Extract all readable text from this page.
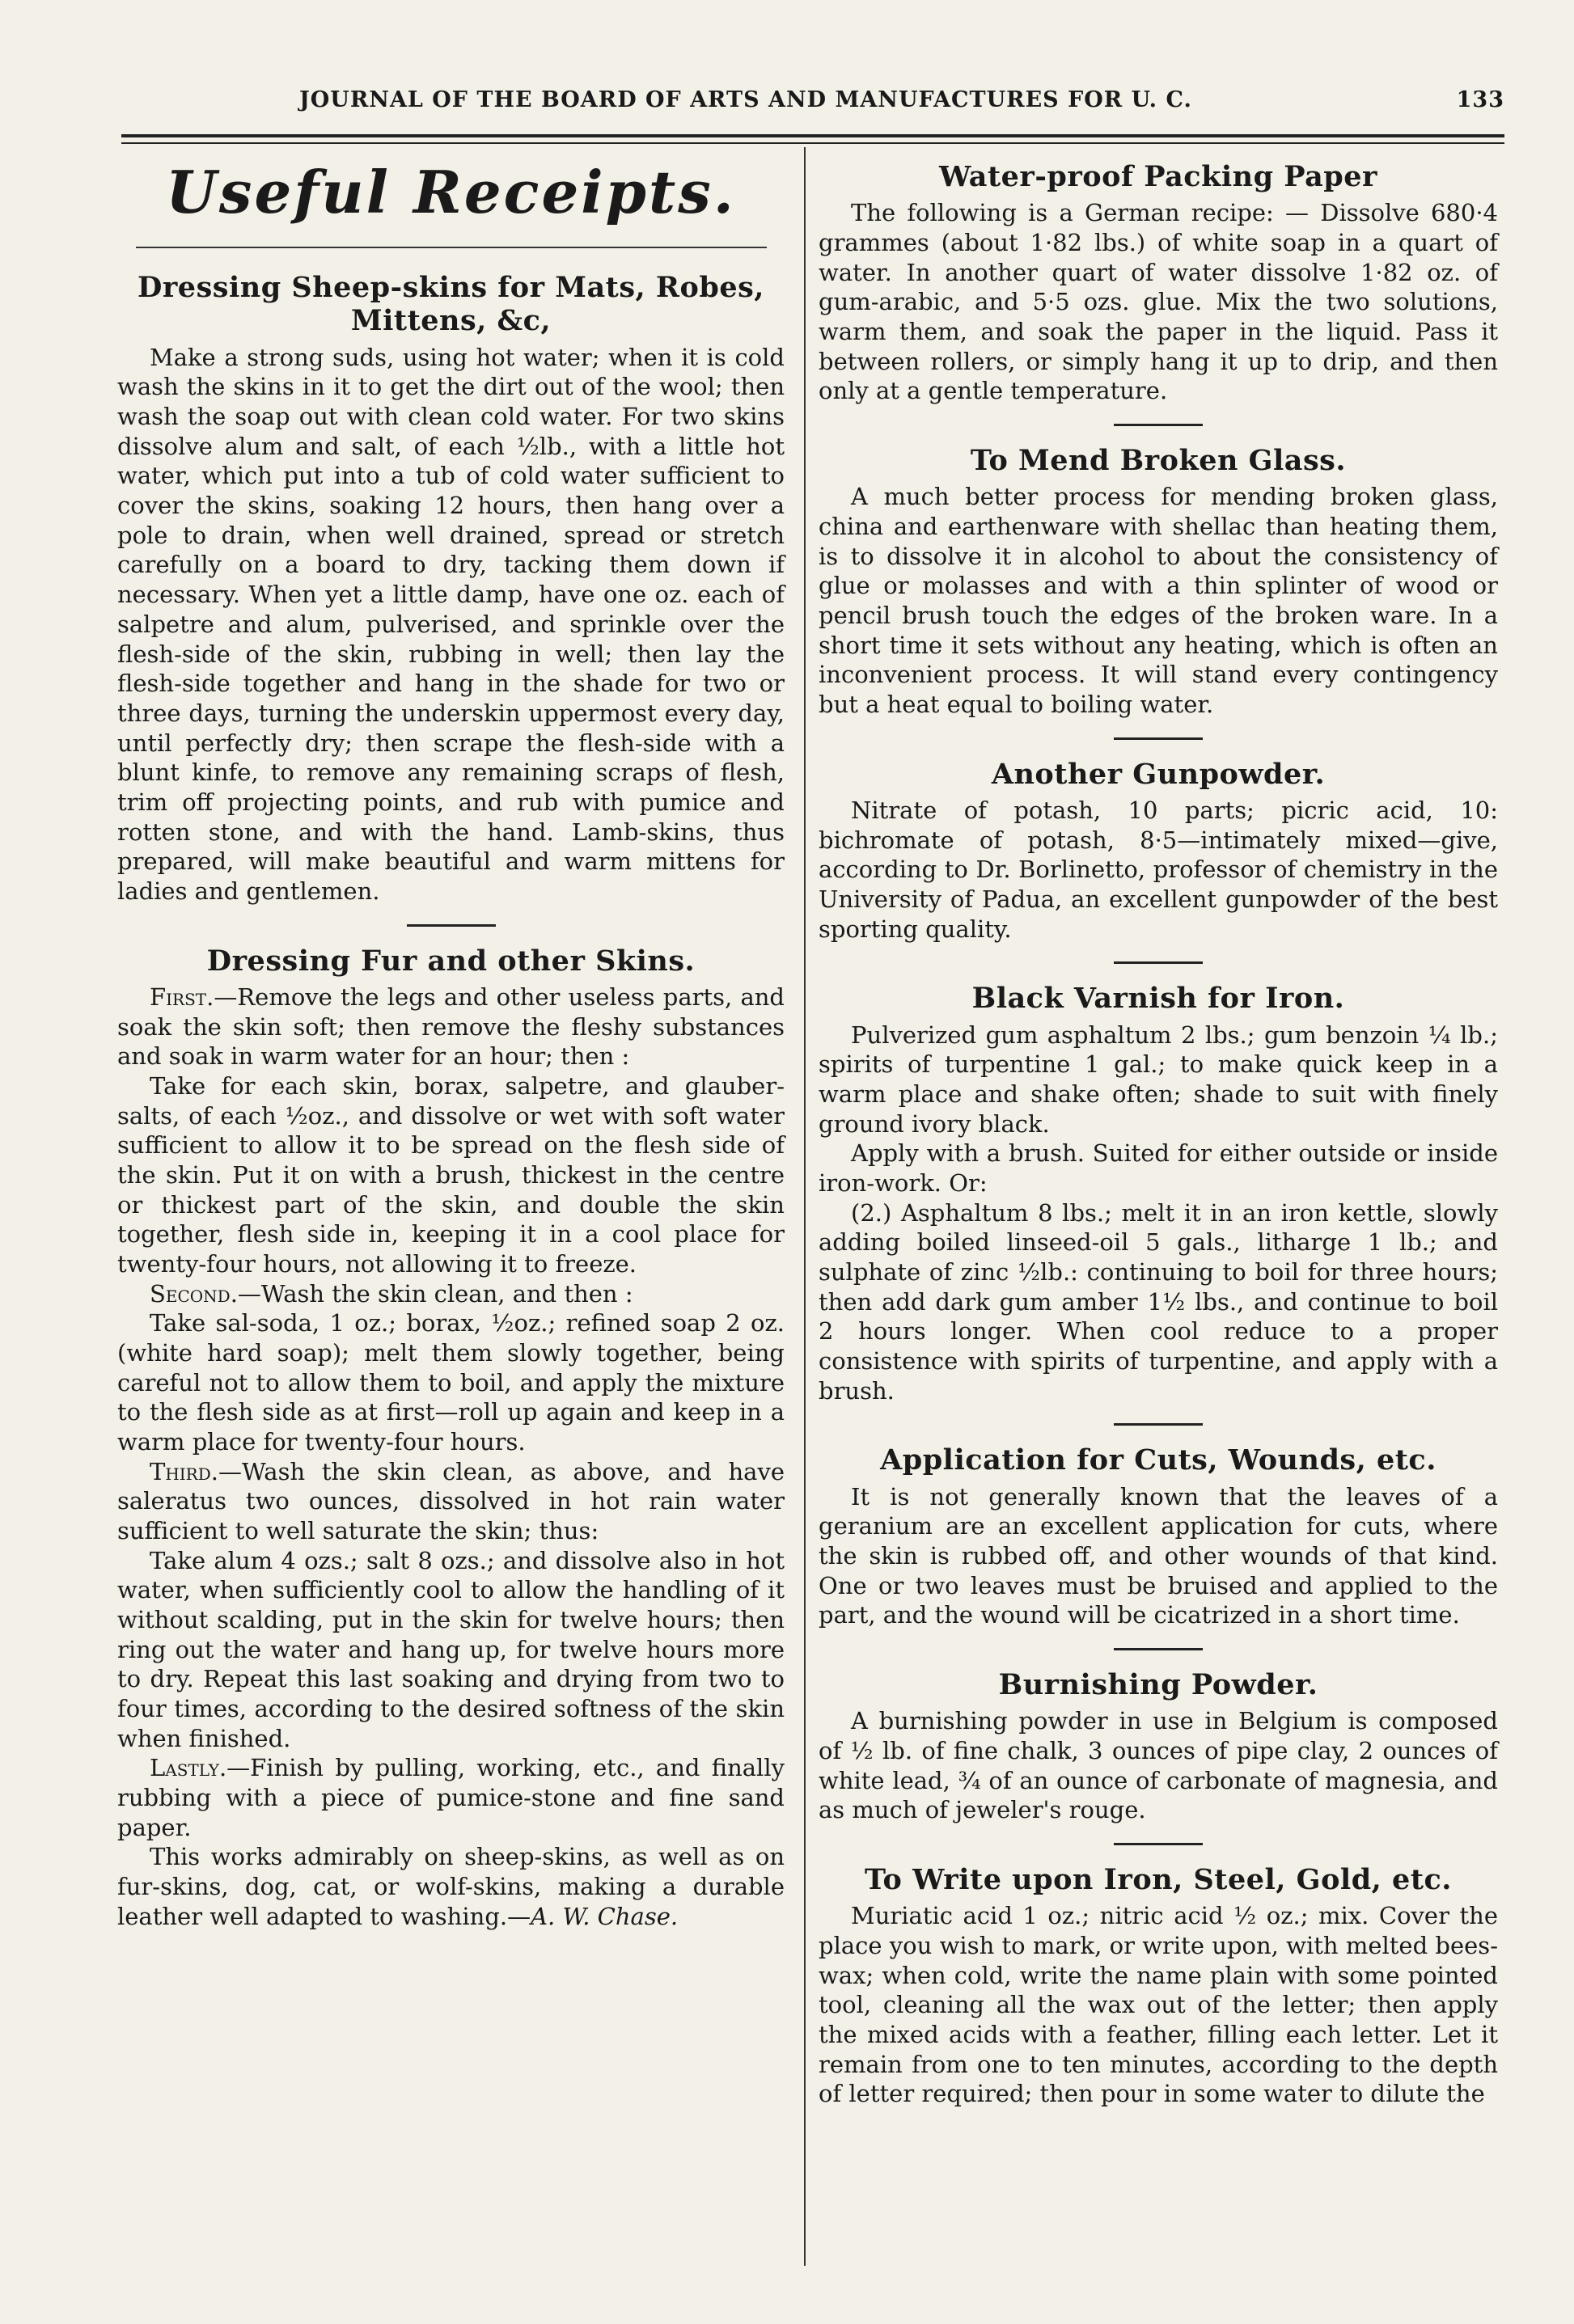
JOURNAL OF THE BOARD OF ARTS AND MANUFACTURES FOR U. C.	133
Useful Receipts.
Dressing Sheep-skins for Mats, Robes, Mittens, &c,

Make a strong suds, using hot water; when it is cold wash the skins in it to get the dirt out of the wool; then wash the soap out with clean cold water. For two skins dissolve alum and salt, of each ½lb., with a little hot water, which put into a tub of cold water sufficient to cover the skins, soaking 12 hours, then hang over a pole to drain, when well drained, spread or stretch carefully on a board to dry, tacking them down if necessary. When yet a little damp, have one oz. each of salpetre and alum, pulverised, and sprinkle over the flesh-side of the skin, rubbing in well; then lay the flesh-side together and hang in the shade for two or three days, turning the underskin uppermost every day, until perfectly dry; then scrape the flesh-side with a blunt kinfe, to remove any remaining scraps of flesh, trim off projecting points, and rub with pumice and rotten stone, and with the hand. Lamb-skins, thus prepared, will make beautiful and warm mittens for ladies and gentlemen.

Dressing Fur and other Skins.

First.—Remove the legs and other useless parts, and soak the skin soft; then remove the fleshy substances and soak in warm water for an hour; then :

Take for each skin, borax, salpetre, and glauber-salts, of each ½oz., and dissolve or wet with soft water sufficient to allow it to be spread on the flesh side of the skin. Put it on with a brush, thickest in the centre or thickest part of the skin, and double the skin together, flesh side in, keeping it in a cool place for twenty-four hours, not allowing it to freeze.

Second.—Wash the skin clean, and then :

Take sal-soda, 1 oz.; borax, ½oz.; refined soap 2 oz. (white hard soap); melt them slowly together, being careful not to allow them to boil, and apply the mixture to the flesh side as at first—roll up again and keep in a warm place for twenty-four hours.

Third.—Wash the skin clean, as above, and have saleratus two ounces, dissolved in hot rain water sufficient to well saturate the skin; thus:

Take alum 4 ozs.; salt 8 ozs.; and dissolve also in hot water, when sufficiently cool to allow the handling of it without scalding, put in the skin for twelve hours; then ring out the water and hang up, for twelve hours more to dry. Repeat this last soaking and drying from two to four times, according to the desired softness of the skin when finished.

Lastly.—Finish by pulling, working, etc., and finally rubbing with a piece of pumice-stone and fine sand paper.

This works admirably on sheep-skins, as well as on fur-skins, dog, cat, or wolf-skins, making a durable leather well adapted to washing.—A. W. Chase.

Water-proof Packing Paper

The following is a German recipe: — Dissolve 680·4 grammes (about 1·82 lbs.) of white soap in a quart of water. In another quart of water dissolve 1·82 oz. of gum-arabic, and 5·5 ozs. glue. Mix the two solutions, warm them, and soak the paper in the liquid. Pass it between rollers, or simply hang it up to drip, and then only at a gentle temperature.

To Mend Broken Glass.

A much better process for mending broken glass, china and earthenware with shellac than heating them, is to dissolve it in alcohol to about the consistency of glue or molasses and with a thin splinter of wood or pencil brush touch the edges of the broken ware. In a short time it sets without any heating, which is often an inconvenient process. It will stand every contingency but a heat equal to boiling water.

Another Gunpowder.

Nitrate of potash, 10 parts; picric acid, 10: bichromate of potash, 8·5—intimately mixed—give, according to Dr. Borlinetto, professor of chemistry in the University of Padua, an excellent gunpowder of the best sporting quality.

Black Varnish for Iron.

Pulverized gum asphaltum 2 lbs.; gum benzoin ¼ lb.; spirits of turpentine 1 gal.; to make quick keep in a warm place and shake often; shade to suit with finely ground ivory black.

Apply with a brush. Suited for either outside or inside iron-work. Or:

(2.) Asphaltum 8 lbs.; melt it in an iron kettle, slowly adding boiled linseed-oil 5 gals., litharge 1 lb.; and sulphate of zinc ½lb.: continuing to boil for three hours; then add dark gum amber 1½ lbs., and continue to boil 2 hours longer. When cool reduce to a proper consistence with spirits of turpentine, and apply with a brush.

Application for Cuts, Wounds, etc.

It is not generally known that the leaves of a geranium are an excellent application for cuts, where the skin is rubbed off, and other wounds of that kind. One or two leaves must be bruised and applied to the part, and the wound will be cicatrized in a short time.

Burnishing Powder.

A burnishing powder in use in Belgium is composed of ½ lb. of fine chalk, 3 ounces of pipe clay, 2 ounces of white lead, ¾ of an ounce of carbonate of magnesia, and as much of jeweler's rouge.

To Write upon Iron, Steel, Gold, etc.

Muriatic acid 1 oz.; nitric acid ½ oz.; mix. Cover the place you wish to mark, or write upon, with melted bees-wax; when cold, write the name plain with some pointed tool, cleaning all the wax out of the letter; then apply the mixed acids with a feather, filling each letter. Let it remain from one to ten minutes, according to the depth of letter required; then pour in some water to dilute the
